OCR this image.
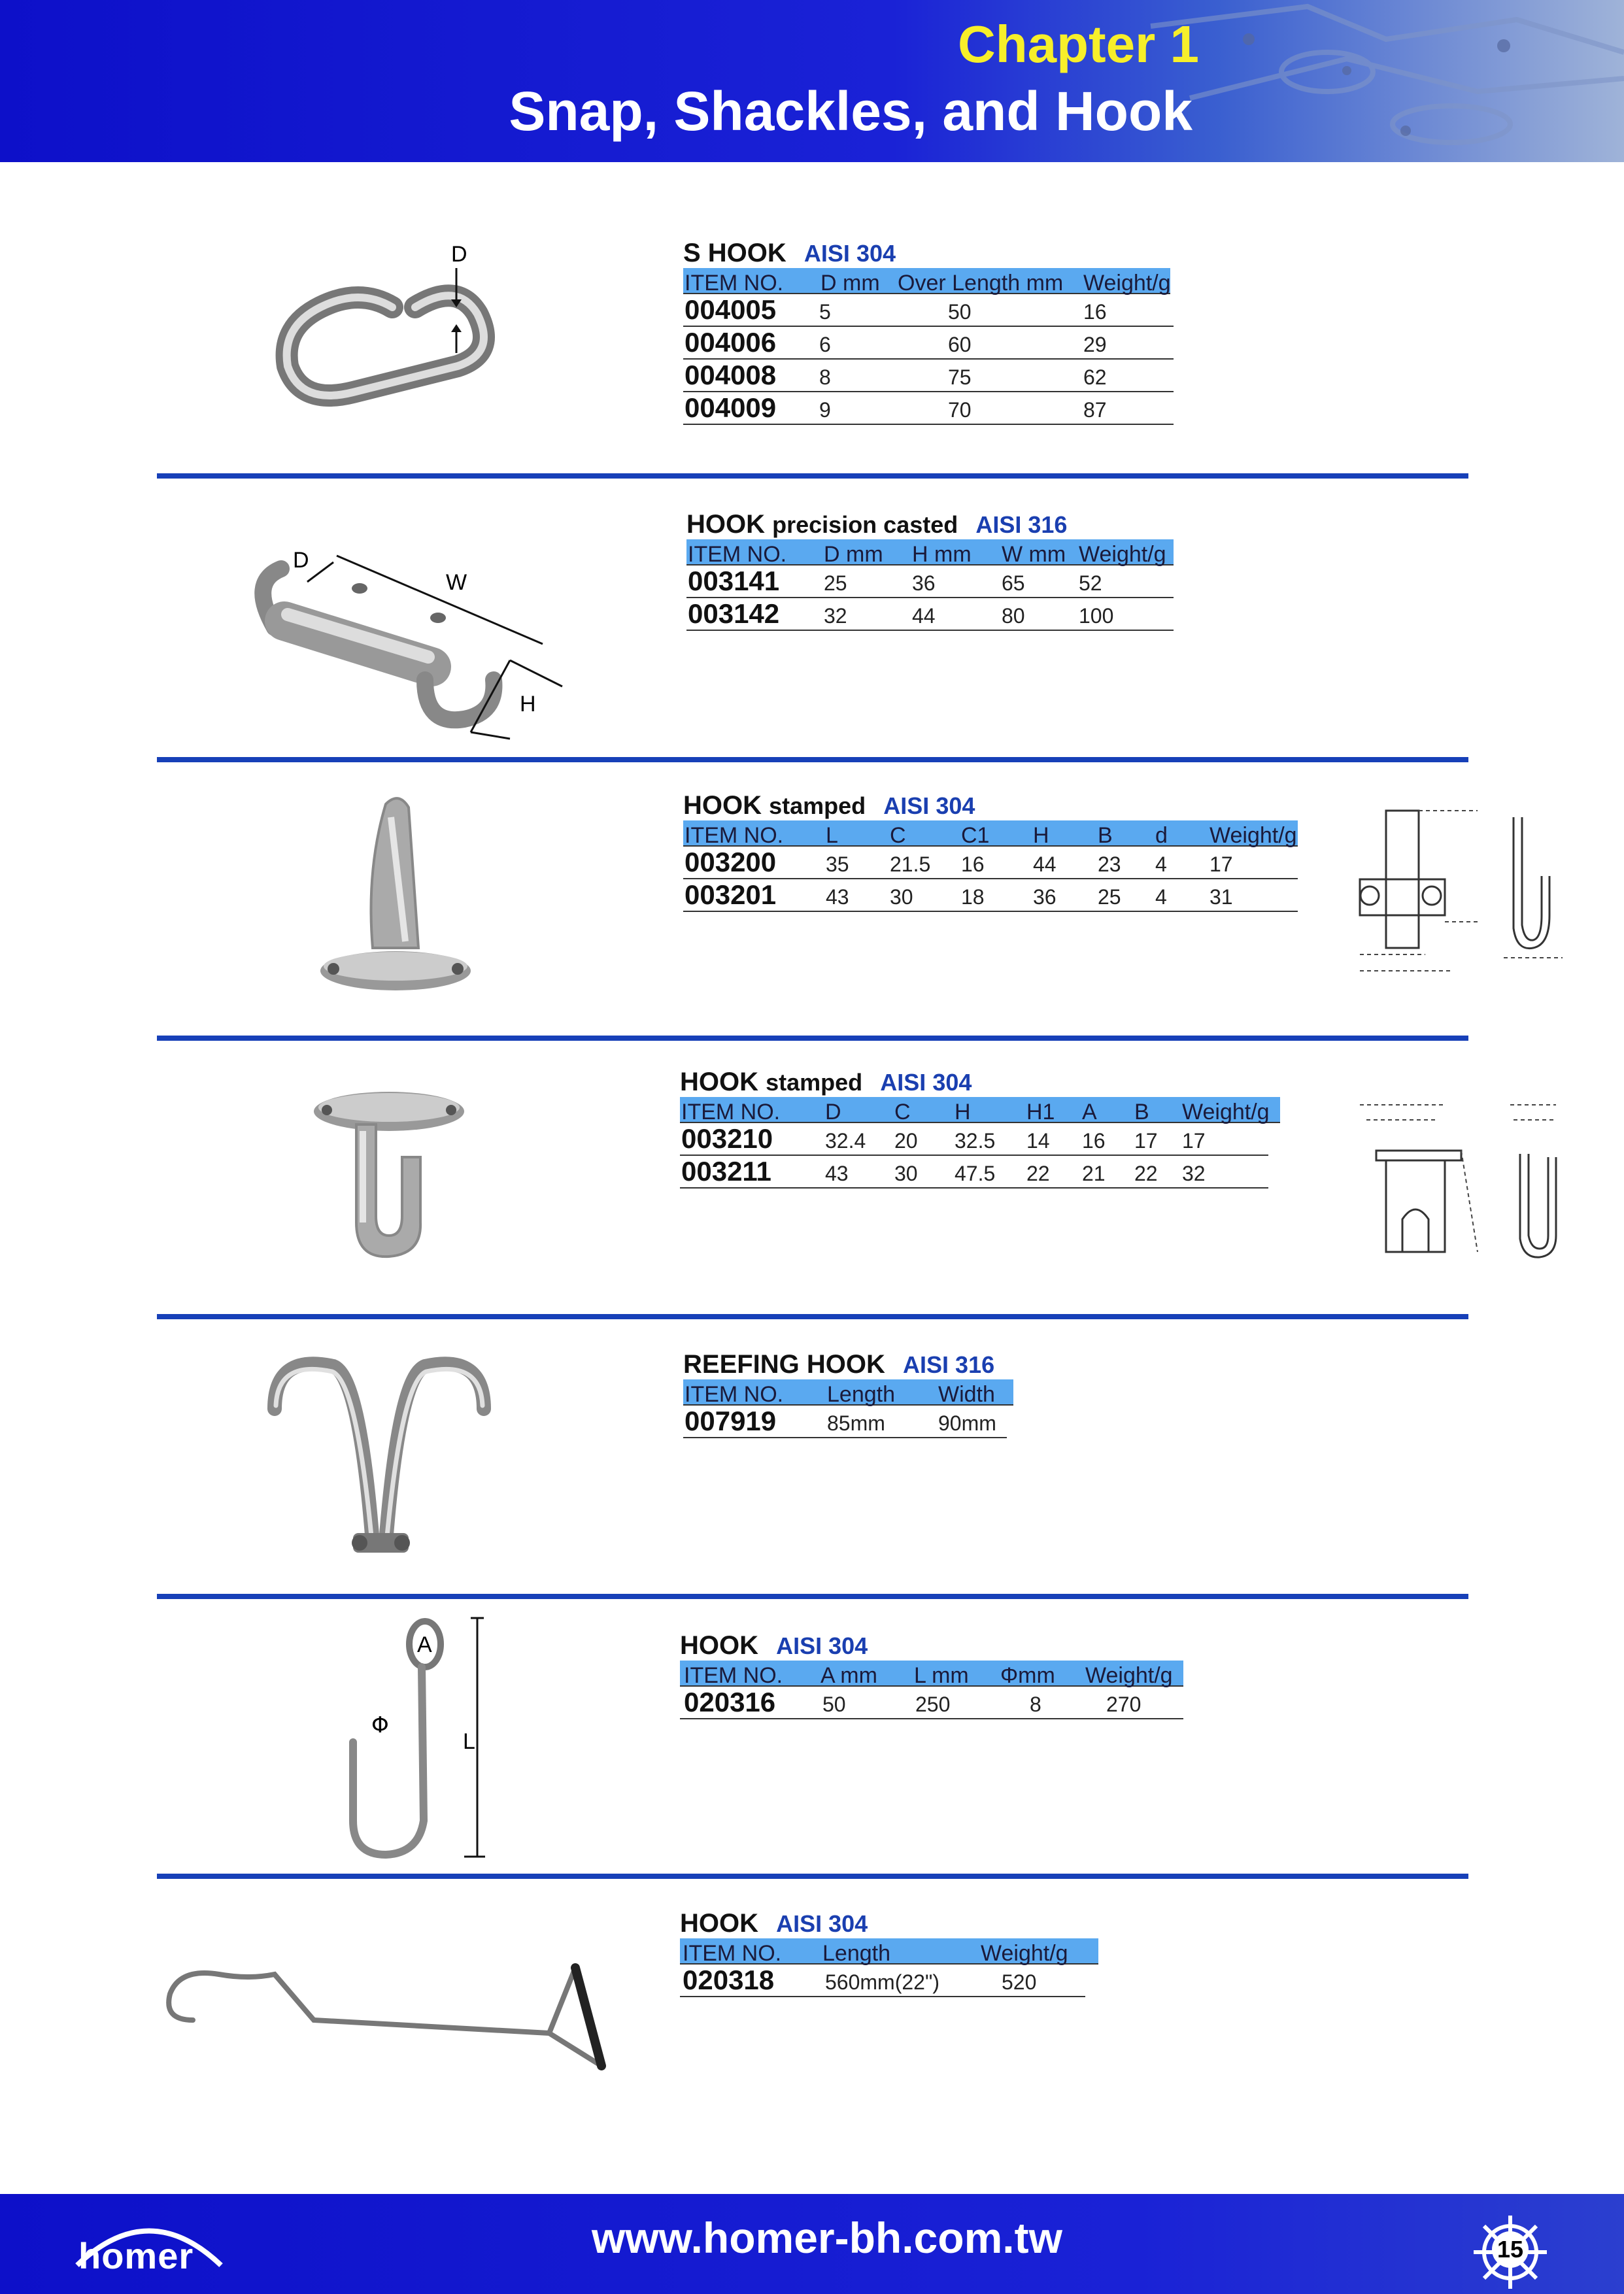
Chapter 1
Snap, Shackles, and Hook
D	S HOOK AISI 304
ITEM NO. D mm Over Length mm Weight/g
004005 5	50	16
004006 6	60	29
004008 8	75	62
004009 9	70	87
D
W
H
HOOK precision casted AISI 316
ITEM NO. D mm H mm W mm Weight/g
003141 25	36	65	52
003142 32	44	80	100
HOOK stamped AISI 304
ITEM NO. L C C1 H B d Weight/g
003200 35 21.5 16 44 23 4 17
003201 43 30 18 36 25 4 31
HOOK stamped AISI 304
ITEM NO. D C H	H1 A B Weight/g
003210 32.4 20 32.5 14 16 17 17
003211	43 30 47.5 22 21 22 32
REEFING HOOK AISI 316
ITEM NO. Length Width
007919 85mm	90mm
A
Φ
L
HOOK AISI 304
ITEM NO. A mm L mm Φmm Weight/g
020316 50	250	8	270
HOOK AISI 304
ITEM NO. Length	Weight/g
020318 560mm(22")	520
homer	www.homer-bh.com.tw	15
